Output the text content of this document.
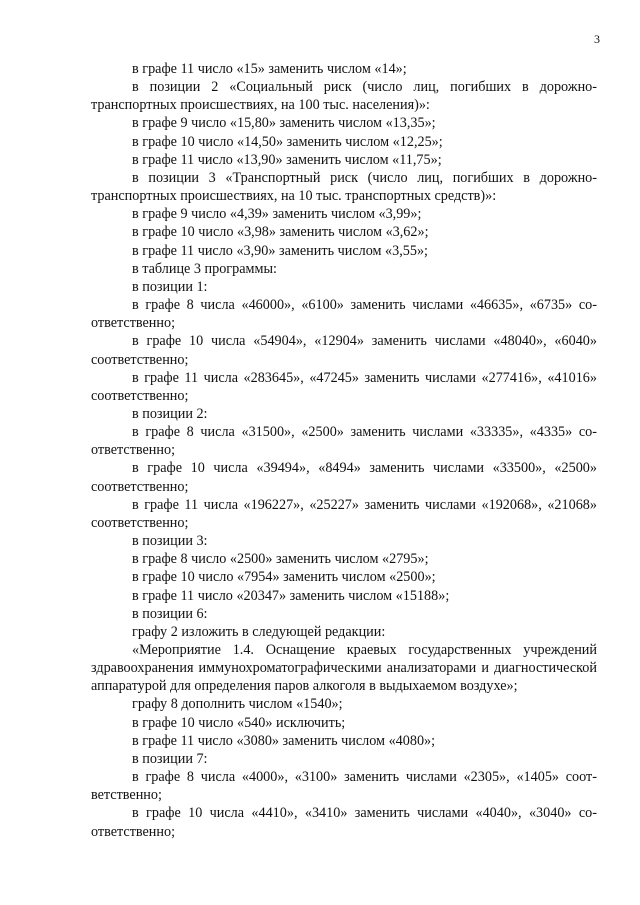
3

в графе 11 число «15» заменить числом «14»;

в позиции 2 «Социальный риск (число лиц, погибших в дорожно-транспортных происшествиях, на 100 тыс. населения)»:

в графе 9 число «15,80» заменить числом «13,35»;

в графе 10 число «14,50» заменить числом «12,25»;

в графе 11 число «13,90» заменить числом «11,75»;

в позиции 3 «Транспортный риск (число лиц, погибших в дорожно-транспортных происшествиях, на 10 тыс. транспортных средств)»:

в графе 9 число «4,39» заменить числом «3,99»;

в графе 10 число «3,98» заменить числом «3,62»;

в графе 11 число «3,90» заменить числом «3,55»;

в таблице 3 программы:

в позиции 1:

в графе 8 числа «46000», «6100» заменить числами «46635», «6735» соответственно;

в графе 10 числа «54904», «12904» заменить числами «48040», «6040» соответственно;

в графе 11 числа «283645», «47245» заменить числами «277416», «41016» соответственно;

в позиции 2:

в графе 8 числа «31500», «2500» заменить числами «33335», «4335» соответственно;

в графе 10 числа «39494», «8494» заменить числами «33500», «2500» соответственно;

в графе 11 числа «196227», «25227» заменить числами «192068», «21068» соответственно;

в позиции 3:

в графе 8 число «2500» заменить числом «2795»;

в графе 10 число «7954» заменить числом «2500»;

в графе 11 число «20347» заменить числом «15188»;

в позиции 6:

графу 2 изложить в следующей редакции:

«Мероприятие 1.4. Оснащение краевых государственных учреждений здравоохранения иммунохроматографическими анализаторами и диагностической аппаратурой для определения паров алкоголя в выдыхаемом воздухе»;

графу 8 дополнить числом «1540»;

в графе 10 число «540» исключить;

в графе 11 число «3080» заменить числом «4080»;

в позиции 7:

в графе 8 числа «4000», «3100» заменить числами «2305», «1405» соответственно;

в графе 10 числа «4410», «3410» заменить числами «4040», «3040» соответственно;
